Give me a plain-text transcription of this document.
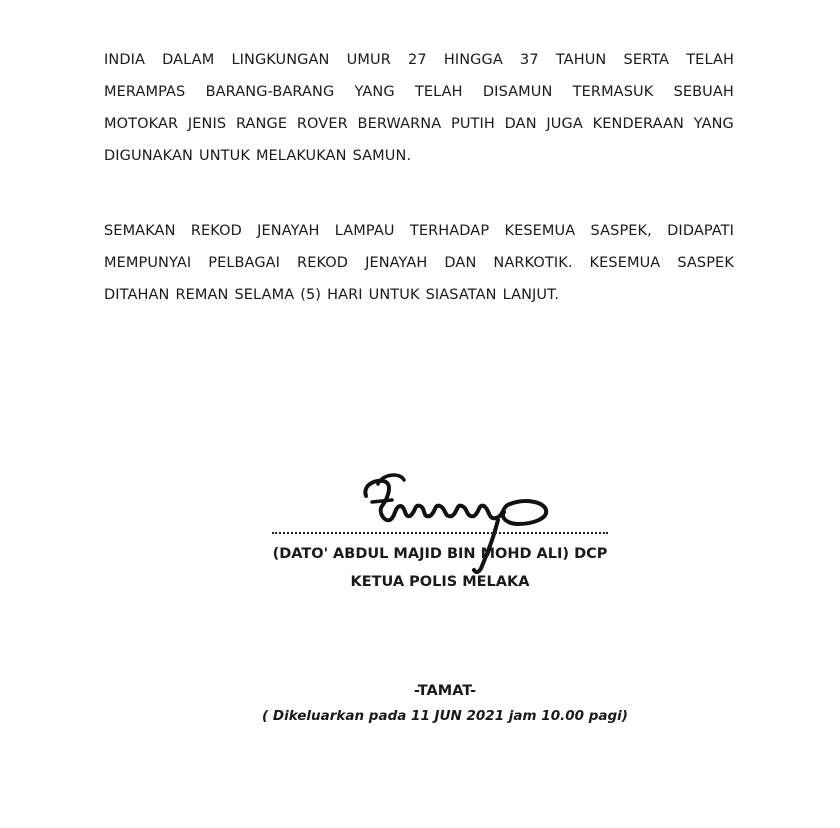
INDIA DALAM LINGKUNGAN UMUR 27 HINGGA 37 TAHUN SERTA TELAH
MERAMPAS BARANG-BARANG YANG TELAH DISAMUN TERMASUK SEBUAH
MOTOKAR JENIS RANGE ROVER BERWARNA PUTIH DAN JUGA KENDERAAN YANG
DIGUNAKAN UNTUK MELAKUKAN SAMUN.
SEMAKAN REKOD JENAYAH LAMPAU TERHADAP KESEMUA SASPEK, DIDAPATI
MEMPUNYAI PELBAGAI REKOD JENAYAH DAN NARKOTIK. KESEMUA SASPEK
DITAHAN REMAN SELAMA (5) HARI UNTUK SIASATAN LANJUT.
(DATO' ABDUL MAJID BIN MOHD ALI) DCP
KETUA POLIS MELAKA
-TAMAT-
( Dikeluarkan pada 11 JUN 2021 jam 10.00 pagi)
